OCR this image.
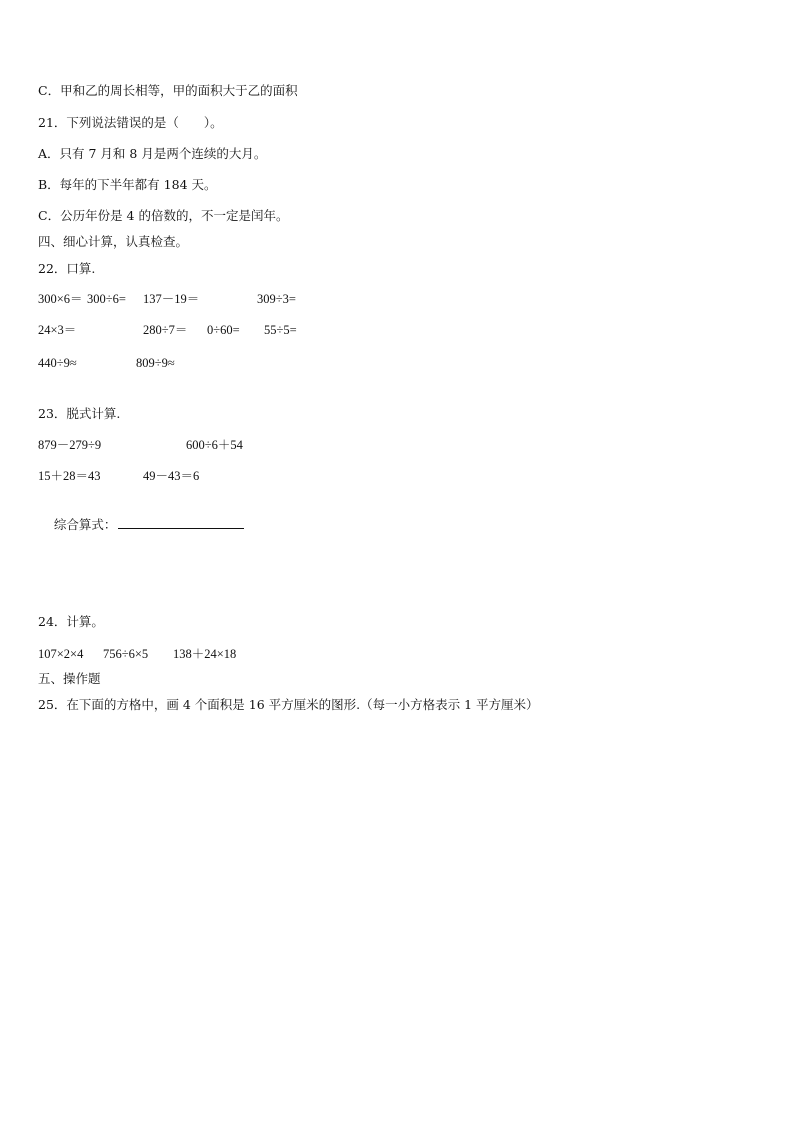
C．甲和乙的周长相等，甲的面积大于乙的面积
21．下列说法错误的是（　　）。
A．只有 7 月和 8 月是两个连续的大月。
B．每年的下半年都有 184 天。
C．公历年份是 4 的倍数的，不一定是闰年。
四、细心计算，认真检查。
22．口算.
300×6＝ 300÷6= 137－19＝	309÷3=
24×3＝	280÷7＝ 0÷60= 55÷5=
440÷9≈	809÷9≈
23．脱式计算.
879－279÷9	600÷6＋54
15＋28＝43	49－43＝6

综合算式：

24．计算。
107×2×4 756÷6×5 138＋24×18
五、操作题
25．在下面的方格中，画 4 个面积是 16 平方厘米的图形.（每一小方格表示 1 平方厘米）
